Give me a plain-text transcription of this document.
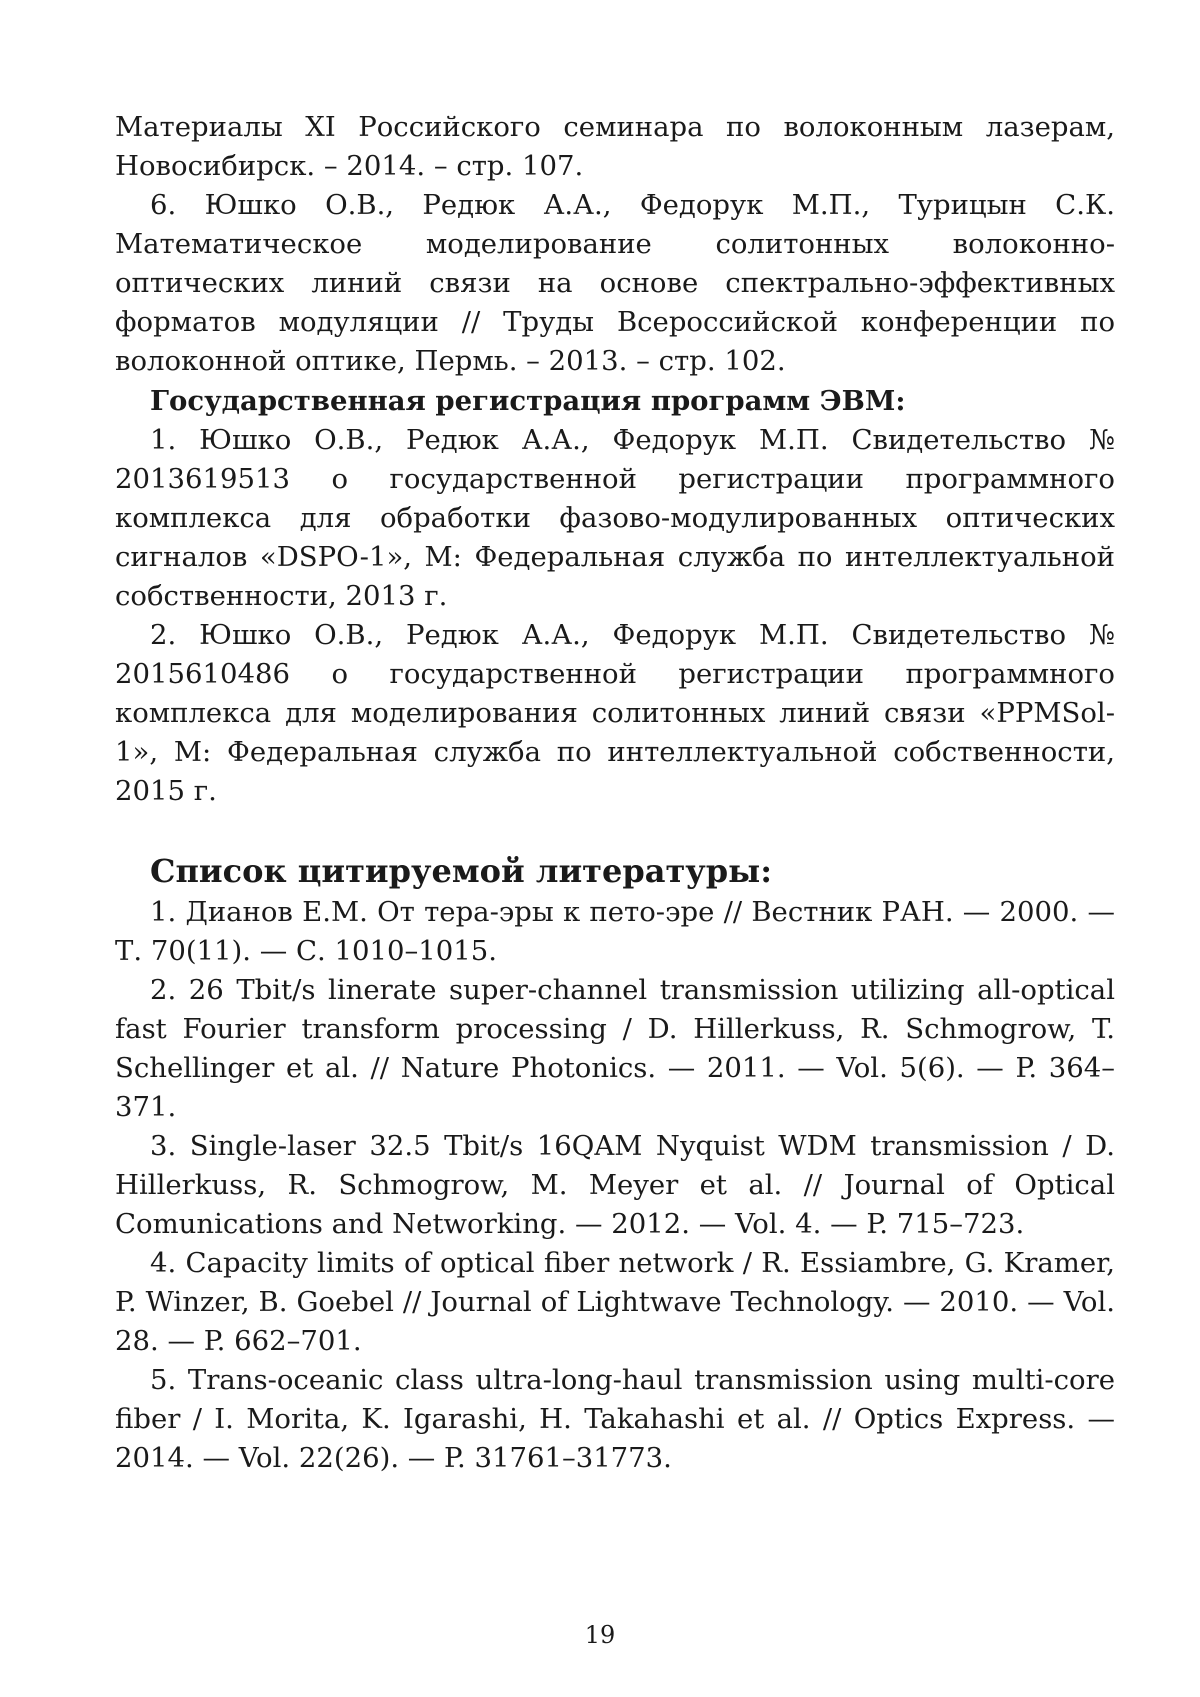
Материалы XI Российского семинара по волоконным лазерам, Новосибирск. – 2014. – стр. 107.

6. Юшко О.В., Редюк А.А., Федорук М.П., Турицын С.К. Математическое моделирование солитонных волоконно-оптических линий связи на основе спектрально-эффективных форматов модуляции // Труды Всероссийской конференции по волоконной оптике, Пермь. – 2013. – стр. 102.

Государственная регистрация программ ЭВМ:

1. Юшко О.В., Редюк А.А., Федорук М.П. Свидетельство № 2013619513 о государственной регистрации программного комплекса для обработки фазово-модулированных оптических сигналов «DSPO-1», М: Федеральная служба по интеллектуальной собственности, 2013 г.

2. Юшко О.В., Редюк А.А., Федорук М.П. Свидетельство № 2015610486 о государственной регистрации программного комплекса для моделирования солитонных линий связи «PPMSol-1», М: Федеральная служба по интеллектуальной собственности, 2015 г.

Список цитируемой литературы:

1. Дианов Е.М. От тера-эры к пето-эре // Вестник РАН. — 2000. — Т. 70(11). — С. 1010–1015.

2. 26 Tbit/s linerate super-channel transmission utilizing all-optical fast Fourier transform processing / D. Hillerkuss, R. Schmogrow, T. Schellinger et al. // Nature Photonics. — 2011. — Vol. 5(6). — P. 364–371.

3. Single-laser 32.5 Tbit/s 16QAM Nyquist WDM transmission / D. Hillerkuss, R. Schmogrow, M. Meyer et al. // Journal of Optical Comunications and Networking. — 2012. — Vol. 4. — P. 715–723.

4. Capacity limits of optical fiber network / R. Essiambre, G. Kramer, P. Winzer, B. Goebel // Journal of Lightwave Technology. — 2010. — Vol. 28. — P. 662–701.

5. Trans-oceanic class ultra-long-haul transmission using multi-core fiber / I. Morita, K. Igarashi, H. Takahashi et al. // Optics Express. — 2014. — Vol. 22(26). — P. 31761–31773.

19
